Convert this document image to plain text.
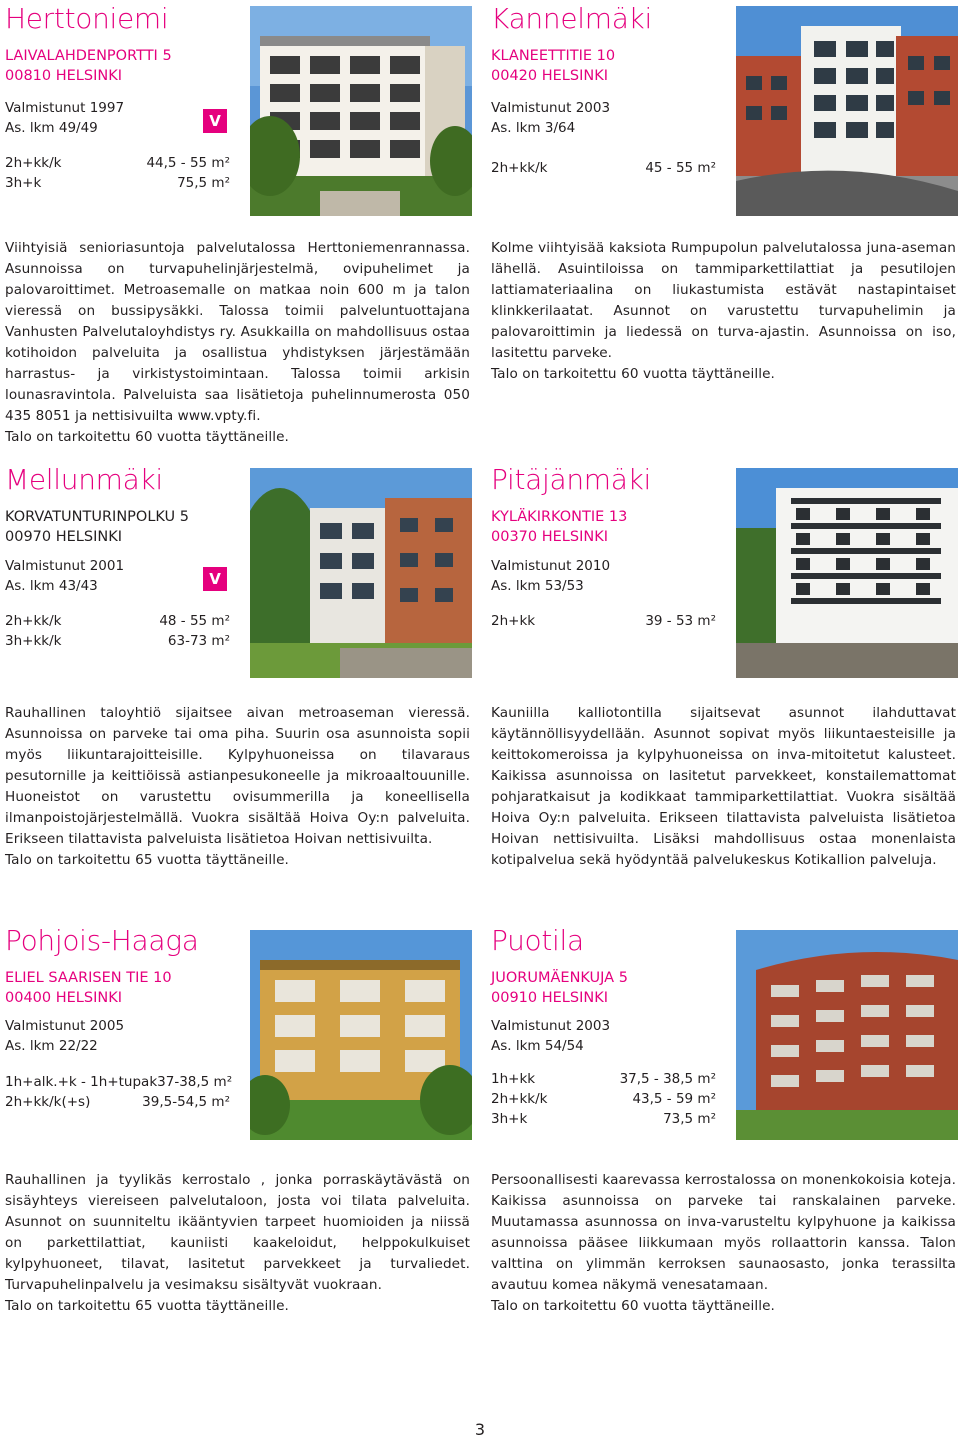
Herttoniemi
LAIVALAHDENPORTTI 5
00810 HELSINKI
Valmistunut 1997
As. lkm 49/49	V
2h+kk/k	44,5 - 55 m²
3h+k	75,5 m²

Viihtyisiä senioriasuntoja palvelutalossa Herttoniemenrannassa. Asunnoissa on turvapuhelinjärjestelmä, ovipuhelimet ja palovaroittimet. Metroasemalle on matkaa noin 600 m ja talon vieressä on bussipysäkki. Talossa toimii palveluntuottajana Vanhusten Palvelutaloyhdistys ry. Asukkailla on mahdollisuus ostaa kotihoidon palveluita ja osallistua yhdistyksen järjestämään harrastus- ja virkistystoimintaan. Talossa toimii arkisin lounasravintola. Palveluista saa lisätietoja puhelinnumerosta 050 435 8051 ja nettisivuilta www.vpty.fi.

Talo on tarkoitettu 60 vuotta täyttäneille.

Kannelmäki
KLANEETTITIE 10
00420 HELSINKI
Valmistunut 2003
As. lkm 3/64
2h+kk/k	45 - 55 m²

Kolme viihtyisää kaksiota Rumpupolun palvelutalossa juna-aseman lähellä. Asuintiloissa on tammiparkettilattiat ja pesutilojen lattiamateriaalina on liukastumista estävät nastapintaiset klinkkerilaatat. Asunnot on varustettu turvapuhelimin ja palovaroittimin ja liedessä on turva-ajastin. Asunnoissa on iso, lasitettu parveke.

Talo on tarkoitettu 60 vuotta täyttäneille.

Mellunmäki
KORVATUNTURINPOLKU 5
00970 HELSINKI
Valmistunut 2001
As. lkm 43/43	V
2h+kk/k	48 - 55 m²
3h+kk/k	63-73 m²

Rauhallinen taloyhtiö sijaitsee aivan metroaseman vieressä. Asunnoissa on parveke tai oma piha. Suurin osa asunnoista sopii myös liikuntarajoitteisille. Kylpyhuoneissa on tilavaraus pesutornille ja keittiöissä astianpesukoneelle ja mikroaaltouunille. Huoneistot on varustettu ovisummerilla ja koneellisella ilmanpoistojärjestelmällä. Vuokra sisältää Hoiva Oy:n palveluita. Erikseen tilattavista palveluista lisätietoa Hoivan nettisivuilta.

Talo on tarkoitettu 65 vuotta täyttäneille.

Pitäjänmäki
KYLÄKIRKONTIE 13
00370 HELSINKI
Valmistunut 2010
As. lkm 53/53
2h+kk	39 - 53 m²

Kauniilla kalliotontilla sijaitsevat asunnot ilahduttavat käytännöllisyydellään. Asunnot sopivat myös liikuntaesteisille ja keittokomeroissa ja kylpyhuoneissa on inva-mitoitetut kalusteet. Kaikissa asunnoissa on lasitetut parvekkeet, konstailemattomat pohjaratkaisut ja kodikkaat tammiparkettilattiat. Vuokra sisältää Hoiva Oy:n palveluita. Erikseen tilattavista palveluista lisätietoa Hoivan nettisivuilta. Lisäksi mahdollisuus ostaa monenlaista kotipalvelua sekä hyödyntää palvelukeskus Kotikallion palveluja.

Pohjois-Haaga
ELIEL SAARISEN TIE 10
00400 HELSINKI
Valmistunut 2005
As. lkm 22/22
1h+alk.+k - 1h+tupak 37-38,5 m²
2h+kk/k(+s)	39,5-54,5 m²

Rauhallinen ja tyylikäs kerrostalo , jonka porraskäytävästä on sisäyhteys viereiseen palvelutaloon, josta voi tilata palveluita. Asunnot on suunniteltu ikääntyvien tarpeet huomioiden ja niissä on parkettilattiat, kauniisti kaakeloidut, helppokulkuiset kylpyhuoneet, tilavat, lasitetut parvekkeet ja turvaliedet. Turvapuhelinpalvelu ja vesimaksu sisältyvät vuokraan.

Talo on tarkoitettu 65 vuotta täyttäneille.

Puotila
JUORUMÄENKUJA 5
00910 HELSINKI
Valmistunut 2003
As. lkm 54/54
1h+kk	37,5 - 38,5 m²
2h+kk/k	43,5 - 59 m²
3h+k	73,5 m²

Persoonallisesti kaarevassa kerrostalossa on monenkokoisia koteja. Kaikissa asunnoissa on parveke tai ranskalainen parveke. Muutamassa asunnossa on inva-varusteltu kylpyhuone ja kaikissa asunnoissa pääsee liikkumaan myös rollaattorin kanssa. Talon valttina on ylimmän kerroksen saunaosasto, jonka terassilta avautuu komea näkymä venesatamaan.

Talo on tarkoitettu 60 vuotta täyttäneille.

3
